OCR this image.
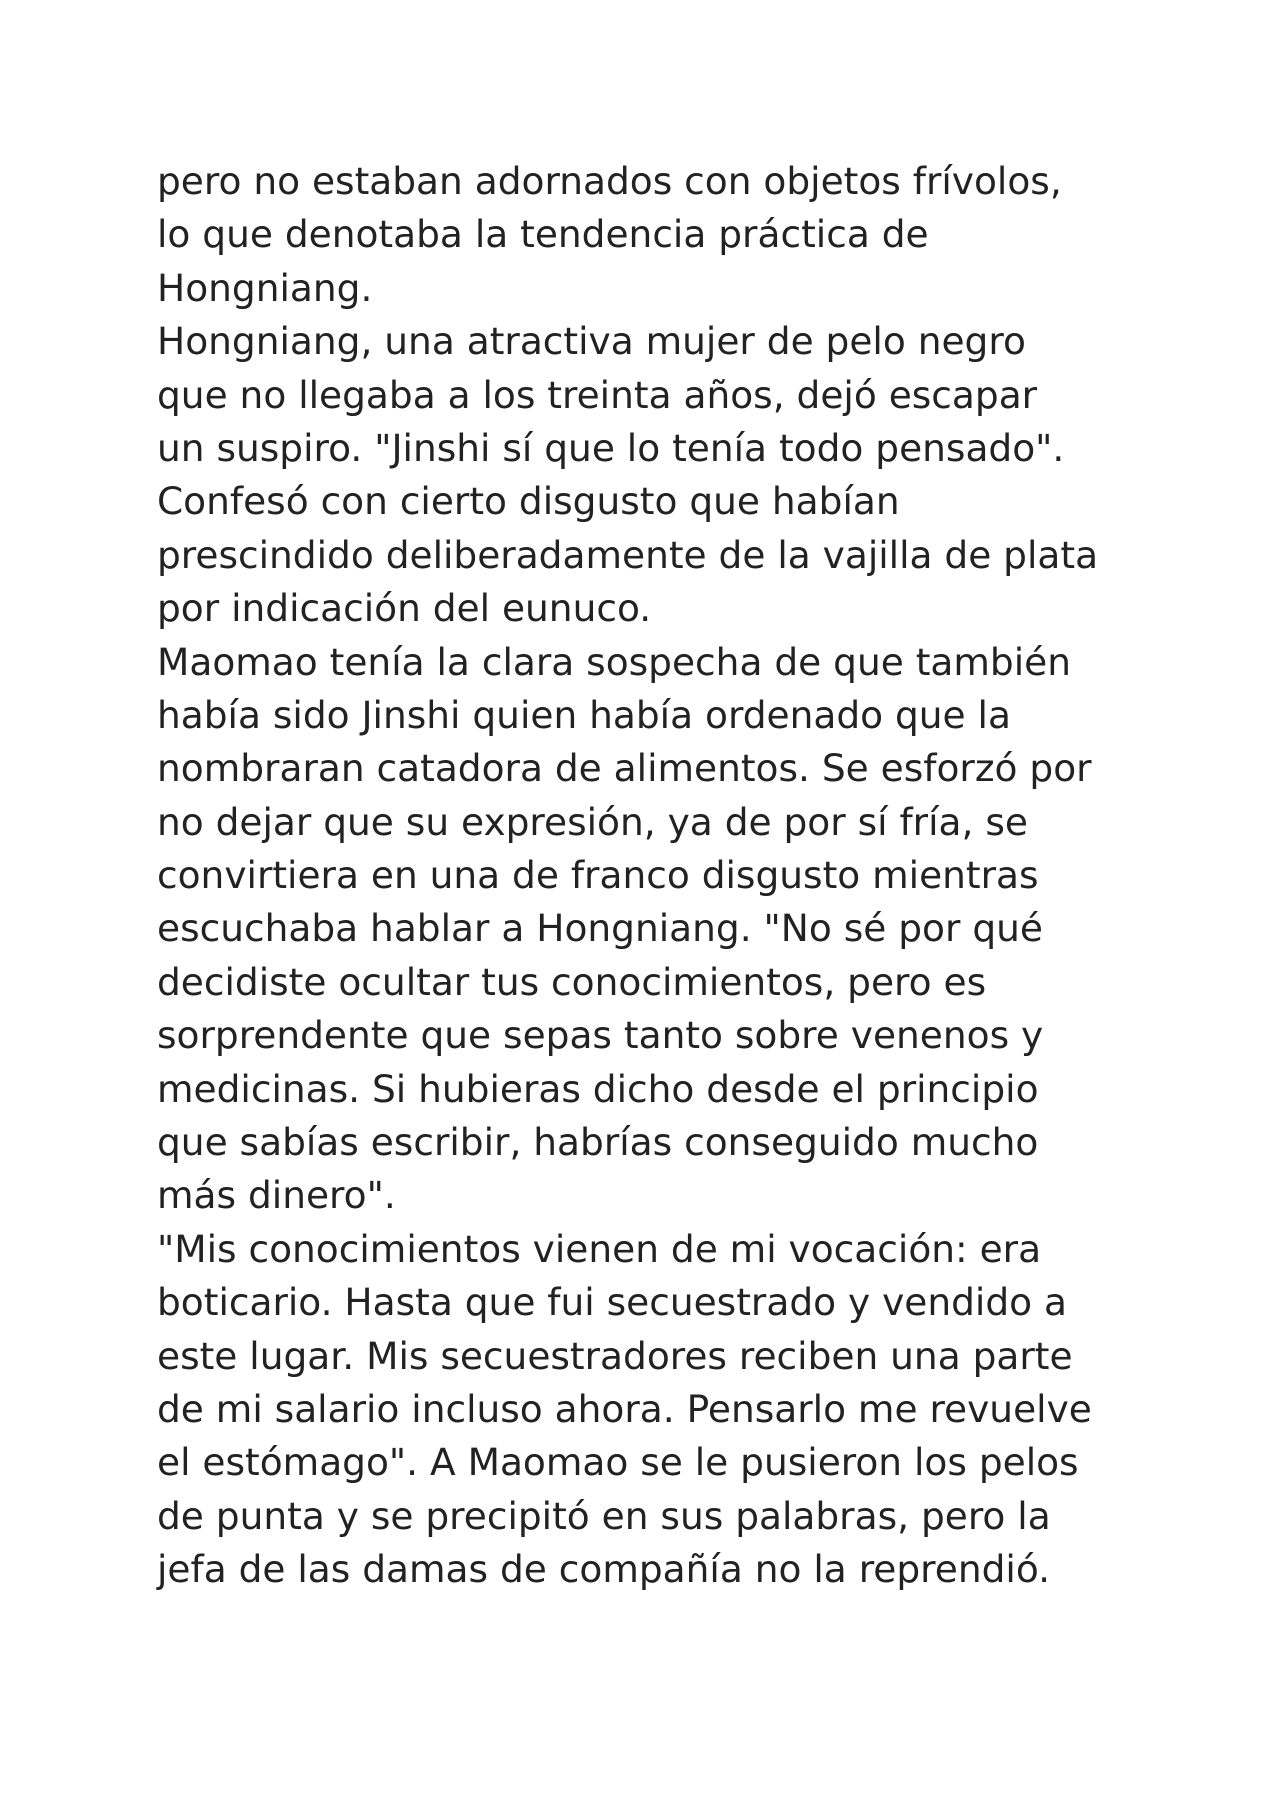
pero no estaban adornados con objetos frívolos,
lo que denotaba la tendencia práctica de
Hongniang.
Hongniang, una atractiva mujer de pelo negro
que no llegaba a los treinta años, dejó escapar
un suspiro. "Jinshi sí que lo tenía todo pensado".
Confesó con cierto disgusto que habían
prescindido deliberadamente de la vajilla de plata
por indicación del eunuco.
Maomao tenía la clara sospecha de que también
había sido Jinshi quien había ordenado que la
nombraran catadora de alimentos. Se esforzó por
no dejar que su expresión, ya de por sí fría, se
convirtiera en una de franco disgusto mientras
escuchaba hablar a Hongniang. "No sé por qué
decidiste ocultar tus conocimientos, pero es
sorprendente que sepas tanto sobre venenos y
medicinas. Si hubieras dicho desde el principio
que sabías escribir, habrías conseguido mucho
más dinero".
"Mis conocimientos vienen de mi vocación: era
boticario. Hasta que fui secuestrado y vendido a
este lugar. Mis secuestradores reciben una parte
de mi salario incluso ahora. Pensarlo me revuelve
el estómago". A Maomao se le pusieron los pelos
de punta y se precipitó en sus palabras, pero la
jefa de las damas de compañía no la reprendió.
